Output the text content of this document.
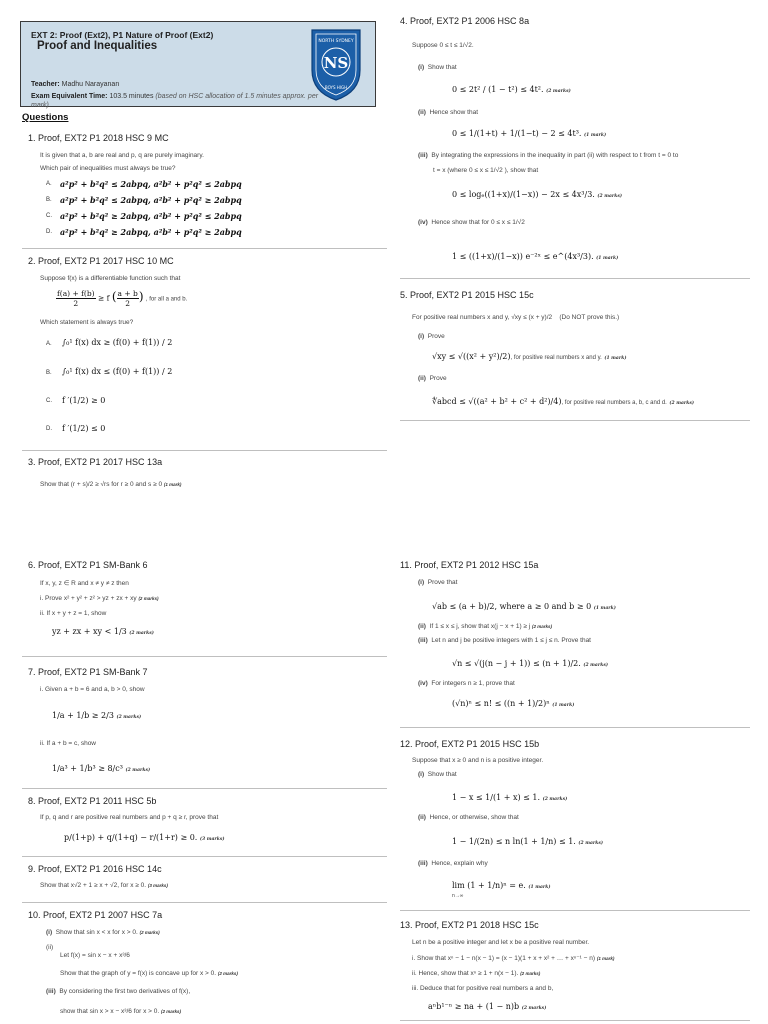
EXT 2: Proof (Ext2), P1 Nature of Proof (Ext2)
Proof and Inequalities
Teacher: Madhu Narayanan
Exam Equivalent Time: 103.5 minutes (based on HSC allocation of 1.5 minutes approx. per mark)
NS
NORTH SYDNEY
BOYS HIGH
Questions
1. Proof, EXT2 P1 2018 HSC 9 MC
It is given that a, b are real and p, q are purely imaginary.
Which pair of inequalities must always be true?
A. a²p² + b²q² ≤ 2abpq, a²b² + p²q² ≤ 2abpq
B. a²p² + b²q² ≤ 2abpq, a²b² + p²q² ≥ 2abpq
C. a²p² + b²q² ≥ 2abpq, a²b² + p²q² ≤ 2abpq
D. a²p² + b²q² ≥ 2abpq, a²b² + p²q² ≥ 2abpq
2. Proof, EXT2 P1 2017 HSC 10 MC
Suppose f(x) is a differentiable function such that
$\frac{f(a) + f(b)}{2} \ge f$ ( $\frac{a + b}{2}$ ) , for all a and b.
Which statement is always true?
A. ∫₀¹ f(x) dx ≥ (f(0) + f(1)) / 2
B. ∫₀¹ f(x) dx ≤ (f(0) + f(1)) / 2
C. f ′(1/2) ≥ 0
D. f ′(1/2) ≤ 0
3. Proof, EXT2 P1 2017 HSC 13a
Show that (r + s)/2 ≥ √rs for r ≥ 0 and s ≥ 0 (1 mark)
4. Proof, EXT2 P1 2006 HSC 8a
Suppose 0 ≤ t ≤ 1/√2.
(i) Show that
0 ≤ 2t² / (1 − t²) ≤ 4t². (2 marks)
(ii) Hence show that
0 ≤ 1/(1+t) + 1/(1−t) − 2 ≤ 4t³. (1 mark)
(iii) By integrating the expressions in the inequality in part (ii) with respect to t from t = 0 to
t = x (where 0 ≤ x ≤ 1/√2 ), show that
0 ≤ logₑ((1+x)/(1−x)) − 2x ≤ 4x³/3. (2 marks)
(iv) Hence show that for 0 ≤ x ≤ 1/√2
1 ≤ ((1+x)/(1−x)) e⁻²ˣ ≤ e^(4x³/3). (1 mark)
5. Proof, EXT2 P1 2015 HSC 15c
For positive real numbers x and y, √xy ≤ (x + y)/2 (Do NOT prove this.)
(i) Prove
√xy ≤ √((x² + y²)/2), for positive real numbers x and y. (1 mark)
(ii) Prove
∜abcd ≤ √((a² + b² + c² + d²)/4), for positive real numbers a, b, c and d. (2 marks)
6. Proof, EXT2 P1 SM-Bank 6
If x, y, z ∈ R and x ≠ y ≠ z then
i. Prove x² + y² + z² > yz + zx + xy (2 marks)
ii. If x + y + z = 1, show
yz + zx + xy < 1/3 (2 marks)
7. Proof, EXT2 P1 SM-Bank 7
i. Given a + b = 6 and a, b > 0, show
1/a + 1/b ≥ 2/3 (2 marks)
ii. If a + b = c, show
1/a³ + 1/b³ ≥ 8/c³ (2 marks)
8. Proof, EXT2 P1 2011 HSC 5b
If p, q and r are positive real numbers and p + q ≥ r, prove that
p/(1+p) + q/(1+q) − r/(1+r) ≥ 0. (3 marks)
9. Proof, EXT2 P1 2016 HSC 14c
Show that x√2 + 1 ≥ x + √2, for x ≥ 0. (3 marks)
10. Proof, EXT2 P1 2007 HSC 7a
(i) Show that sin x < x for x > 0. (2 marks)
(ii)
Let f(x) = sin x − x + x³/6
Show that the graph of y = f(x) is concave up for x > 0. (2 marks)
(iii) By considering the first two derivatives of f(x),
show that sin x > x − x³/6 for x > 0. (2 marks)
11. Proof, EXT2 P1 2012 HSC 15a
(i) Prove that
√ab ≤ (a + b)/2, where a ≥ 0 and b ≥ 0 (1 mark)
(ii) If 1 ≤ x ≤ j, show that x(j − x + 1) ≥ j (2 marks)
(iii) Let n and j be positive integers with 1 ≤ j ≤ n. Prove that
√n ≤ √(j(n − j + 1)) ≤ (n + 1)/2. (2 marks)
(iv) For integers n ≥ 1, prove that
(√n)ⁿ ≤ n! ≤ ((n + 1)/2)ⁿ (1 mark)
12. Proof, EXT2 P1 2015 HSC 15b
Suppose that x ≥ 0 and n is a positive integer.
(i) Show that
1 − x ≤ 1/(1 + x) ≤ 1. (2 marks)
(ii) Hence, or otherwise, show that
1 − 1/(2n) ≤ n ln(1 + 1/n) ≤ 1. (2 marks)
(iii) Hence, explain why
lim (1 + 1/n)ⁿ = e. (1 mark)
n→∞
13. Proof, EXT2 P1 2018 HSC 15c
Let n be a positive integer and let x be a positive real number.
i. Show that xⁿ − 1 − n(x − 1) = (x − 1)(1 + x + x² + … + xⁿ⁻¹ − n) (1 mark)
ii. Hence, show that xⁿ ≥ 1 + n(x − 1). (2 marks)
iii. Deduce that for positive real numbers a and b,
aⁿb¹⁻ⁿ ≥ na + (1 − n)b (2 marks)
